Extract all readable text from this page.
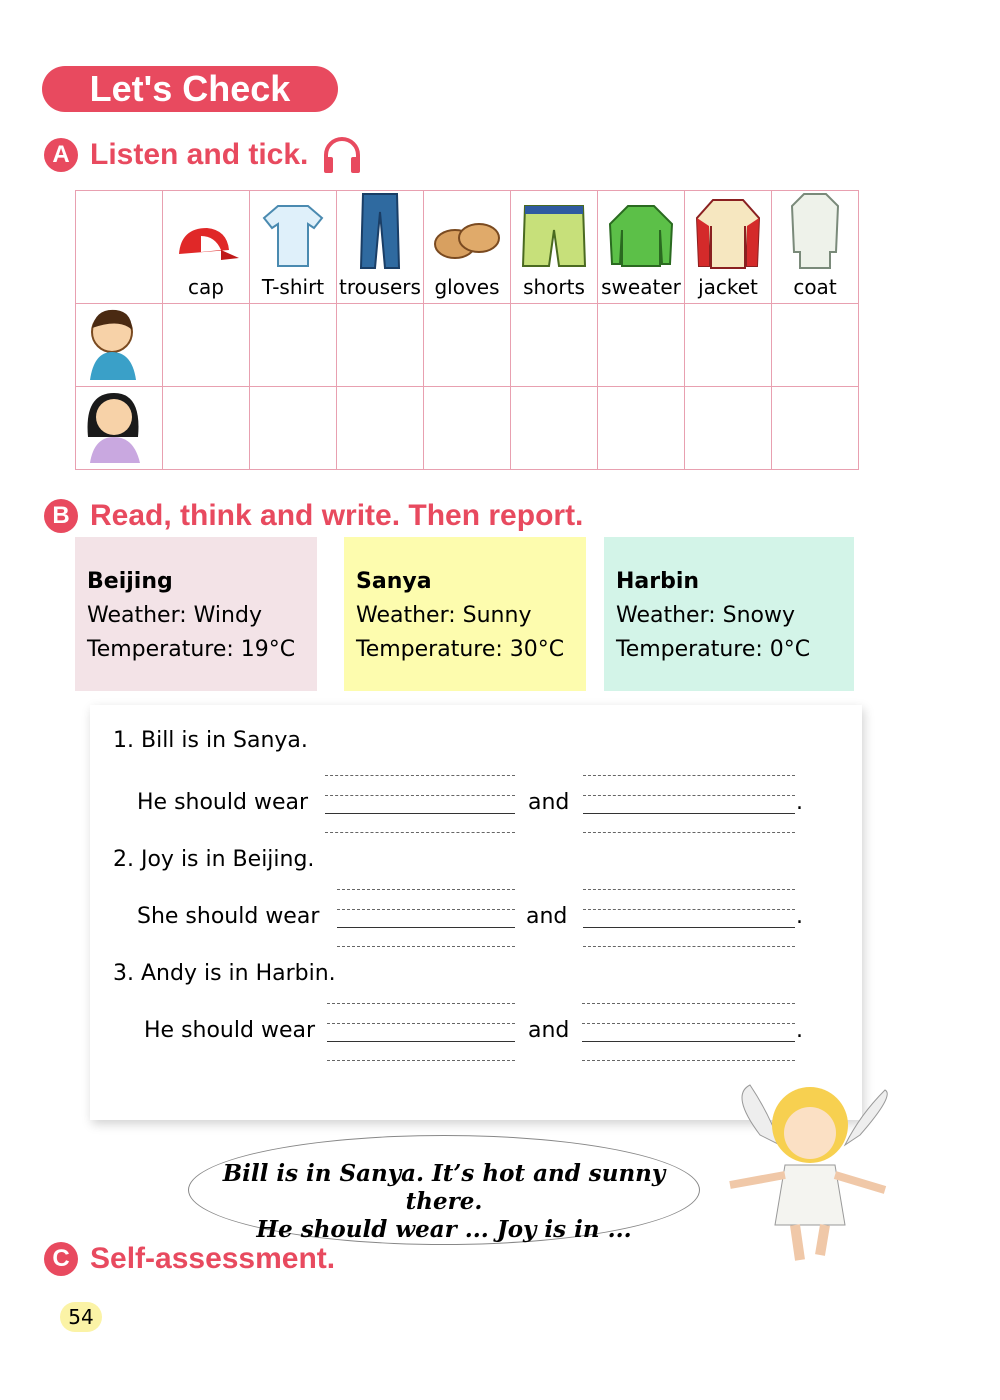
Let's Check
A Listen and tick.

cap	T-shirt	trousers	gloves	shorts	sweater	jacket	coat

B Read, think and write. Then report.
Beijing
Weather: Windy
Temperature: 19°C
Sanya
Weather: Sunny
Temperature: 30°C
Harbin
Weather: Snowy
Temperature: 0°C
1. Bill is in Sanya.
He should wear	and	.
2. Joy is in Beijing.
She should wear	and	.
3. Andy is in Harbin.
He should wear	and	.
Bill is in Sanya. It’s hot and sunny there.
He should wear ... Joy is in ...
C Self-assessment.
54
